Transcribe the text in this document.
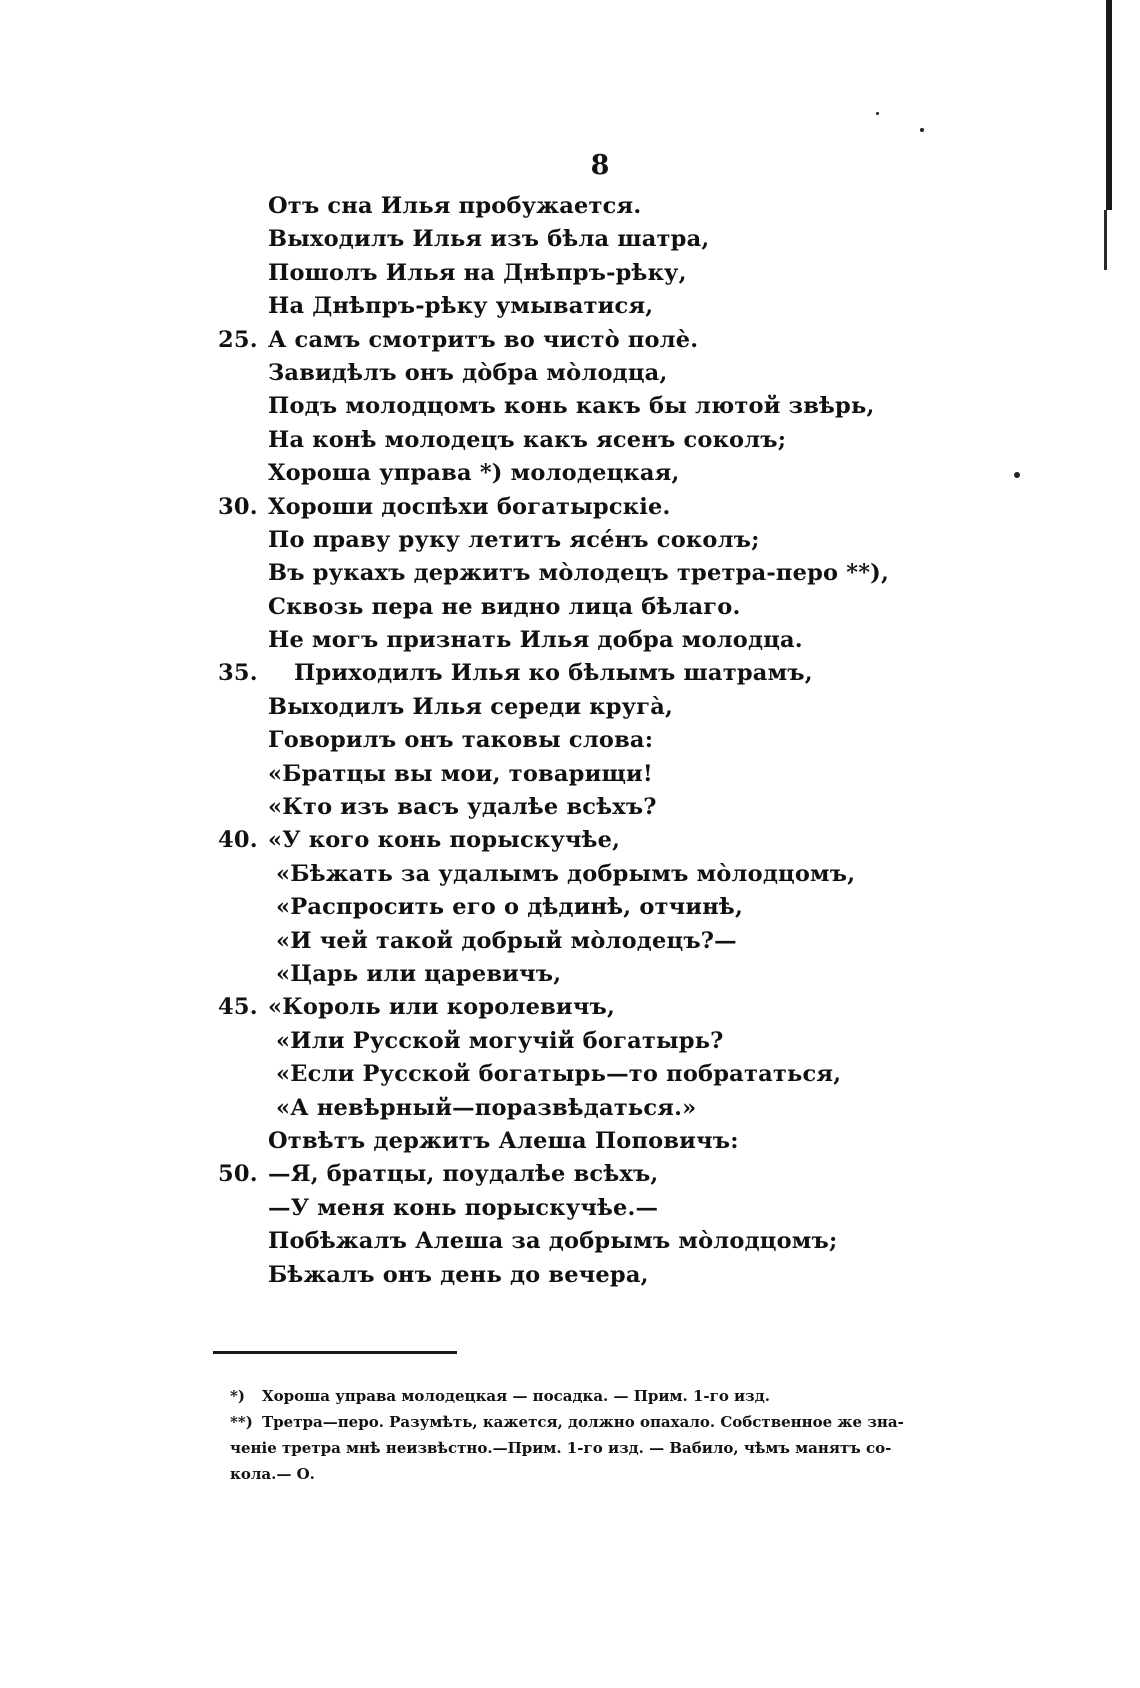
8
Отъ сна Илья пробужается.
Выходилъ Илья изъ бѣла шатра,
Пошолъ Илья на Днѣпръ-рѣку,
На Днѣпръ-рѣку умыватися,
25. А самъ смотритъ во чистò полè.
Завидѣлъ онъ дòбра мòлодца,
Подъ молодцомъ конь какъ бы лютой звѣрь,
На конѣ молодецъ какъ ясенъ соколъ;
Хороша управа *) молодецкая,
30. Хороши доспѣхи богатырскiе.
По праву руку летитъ ясéнъ соколъ;
Въ рукахъ держитъ мòлодецъ третра-перо **),
Сквозь пера не видно лица бѣлаго.
Не могъ признать Илья добра молодца.
35.	Приходилъ Илья ко бѣлымъ шатрамъ,
Выходилъ Илья середи кругà,
Говорилъ онъ таковы слова:
«Братцы вы мои, товарищи!
«Кто изъ васъ удалѣе всѣхъ?
40. «У кого конь порыскучѣе,
«Бѣжать за удалымъ добрымъ мòлодцомъ,
«Распросить его о дѣдинѣ, отчинѣ,
«И чей такой добрый мòлодецъ?—
«Царь или царевичъ,
45. «Король или королевичъ,
«Или Русской могучiй богатырь?
«Если Русской богатырь—то побрататься,
«А невѣрный—поразвѣдаться.»
Отвѣтъ держитъ Алеша Поповичъ:
50. —Я, братцы, поудалѣе всѣхъ,
—У меня конь порыскучѣе.—
Побѣжалъ Алеша за добрымъ мòлодцомъ;
Бѣжалъ онъ день до вечера,
*) Хороша управа молодецкая — посадка. — Прим. 1-го изд.
**) Третра—перо. Разумѣть, кажется, должно опахало. Собственное же зна-
ченiе третра мнѣ неизвѣстно.—Прим. 1-го изд. — Вабило, чѣмъ манятъ со-
кола.— О.
